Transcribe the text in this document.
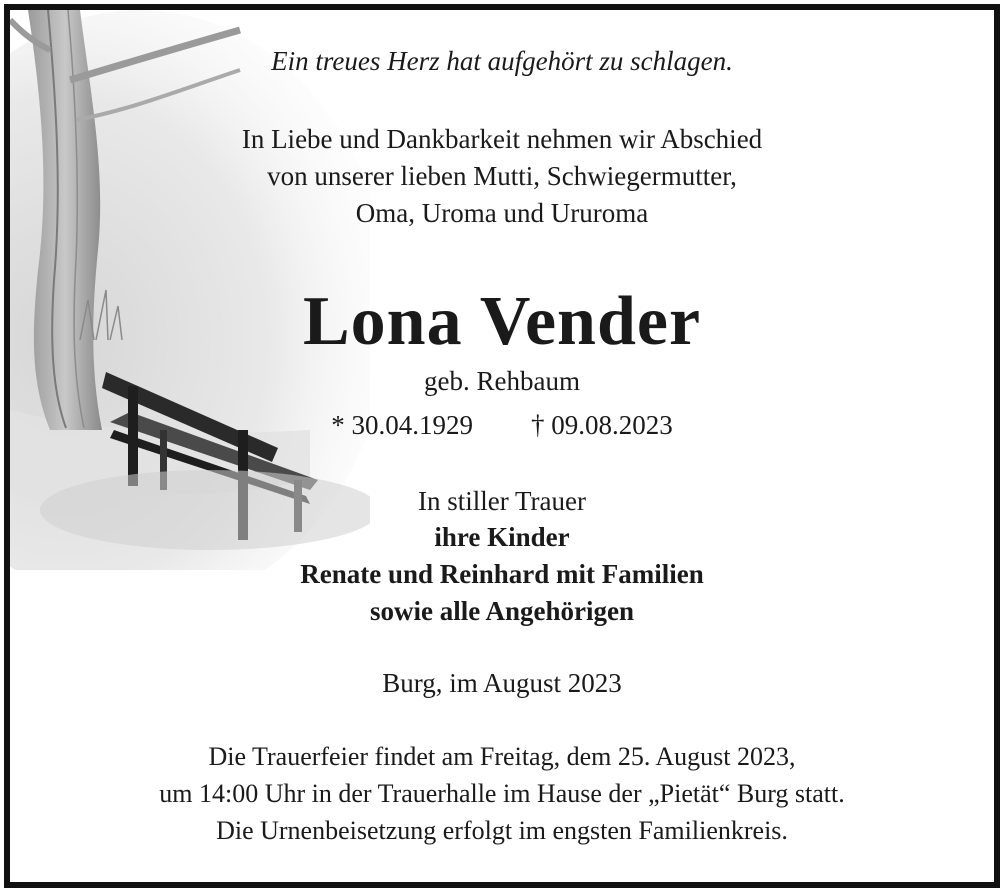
Ein treues Herz hat aufgehört zu schlagen.
In Liebe und Dankbarkeit nehmen wir Abschied
von unserer lieben Mutti, Schwiegermutter,
Oma, Uroma und Ururoma
Lona Vender
geb. Rehbaum
* 30.04.1929 † 09.08.2023
In stiller Trauer
ihre Kinder
Renate und Reinhard mit Familien
sowie alle Angehörigen
Burg, im August 2023
Die Trauerfeier findet am Freitag, dem 25. August 2023,
um 14:00 Uhr in der Trauerhalle im Hause der „Pietät“ Burg statt.
Die Urnenbeisetzung erfolgt im engsten Familienkreis.
